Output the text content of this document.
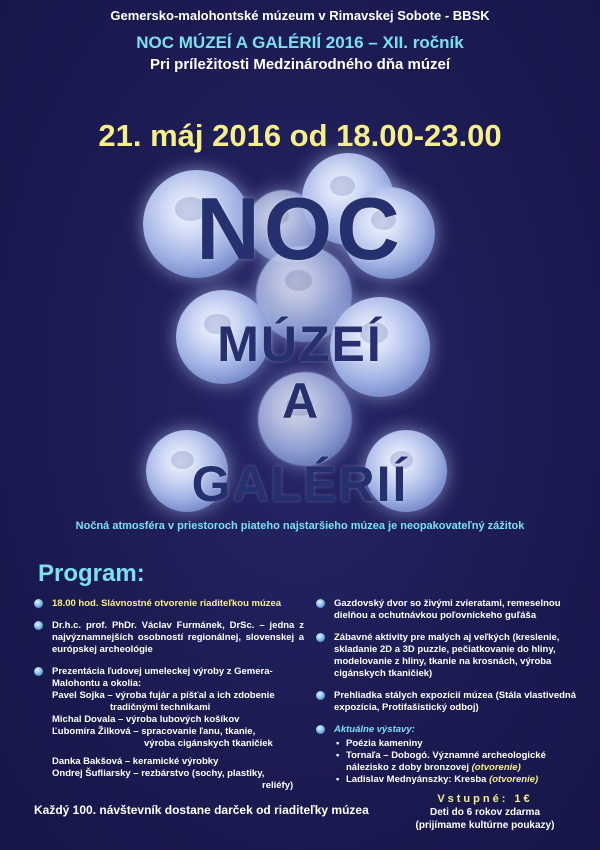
Gemersko-malohontské múzeum v Rimavskej Sobote - BBSK
NOC MÚZEÍ A GALÉRIÍ 2016 – XII. ročník
Pri príležitosti Medzinárodného dňa múzeí
21. máj 2016 od 18.00-23.00
NOC
MÚZEÍ
A
GALÉRIÍ
Nočná atmosféra v priestoroch piateho najstaršieho múzea je neopakovateľný zážitok
Program:
18.00 hod. Slávnostné otvorenie riaditeľkou múzea
Dr.h.c. prof. PhDr. Václav Furmánek, DrSc. – jedna z najvýznamnejších osobností regionálnej, slovenskej a európskej archeológie
Prezentácia ľudovej umeleckej výroby z Gemera-Malohontu a okolia:
Pavel Sojka – výroba fujár a píšťal a ich zdobenie
tradičnými technikami
Michal Dovala – výroba lubových košíkov
Ľubomíra Žilková – spracovanie ľanu, tkanie,
výroba cigánskych tkaničiek
Danka Bakšová – keramické výrobky
Ondrej Šufliarsky – rezbárstvo (sochy, plastiky,
reliéfy)
Gazdovský dvor so živými zvieratami, remeselnou dielňou a ochutnávkou poľovníckeho guľáša
Zábavné aktivity pre malých aj veľkých (kreslenie, skladanie 2D a 3D puzzle, pečiatkovanie do hliny, modelovanie z hliny, tkanie na krosnách, výroba cigánskych tkaničiek)
Prehliadka stálych expozícií múzea (Stála vlastivedná expozícia, Protifašistický odboj)
Aktuálne výstavy:
• Poézia kameniny
• Tornaľa – Dobogó. Významné archeologické nálezisko z doby bronzovej (otvorenie)
• Ladislav Mednyánszky: Kresba (otvorenie)
Každý 100. návštevník dostane darček od riaditeľky múzea
Vstupné: 1€
Deti do 6 rokov zdarma
(prijímame kultúrne poukazy)
